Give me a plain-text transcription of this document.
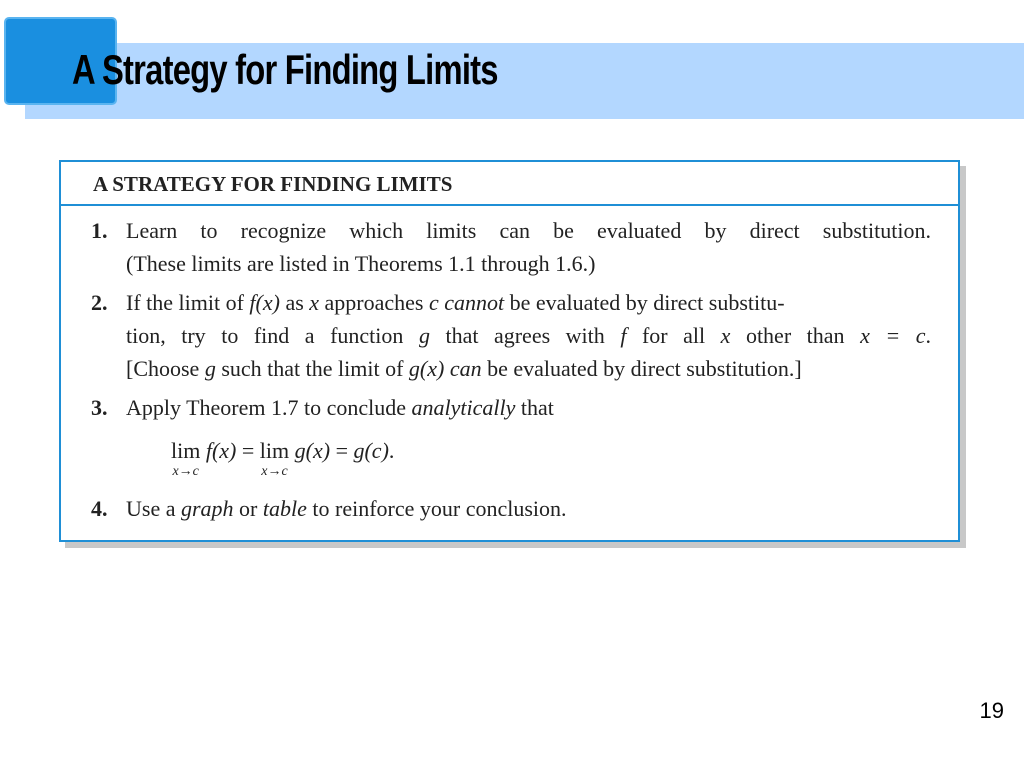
A Strategy for Finding Limits
A STRATEGY FOR FINDING LIMITS
1. Learn to recognize which limits can be evaluated by direct substitution.
(These limits are listed in Theorems 1.1 through 1.6.)
2. If the limit of f(x) as x approaches c cannot be evaluated by direct substitu-
tion, try to find a function g that agrees with f for all x other than x = c.
[Choose g such that the limit of g(x) can be evaluated by direct substitution.]
3. Apply Theorem 1.7 to conclude analytically that
lim
x→c
f(x) = lim
x→c
g(x) = g(c).
4. Use a graph or table to reinforce your conclusion.
19
